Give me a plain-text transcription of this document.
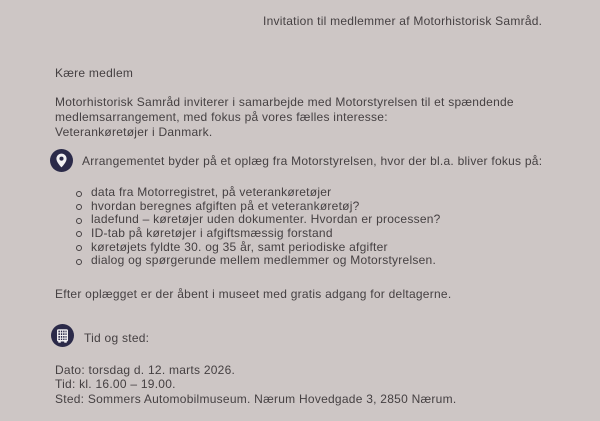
Invitation til medlemmer af Motorhistorisk Samråd.
Kære medlem
Motorhistorisk Samråd inviterer i samarbejde med Motorstyrelsen til et spændende
medlemsarrangement, med fokus på vores fælles interesse:
Veterankøretøjer i Danmark.
Arrangementet byder på et oplæg fra Motorstyrelsen, hvor der bl.a. bliver fokus på:
data fra Motorregistret, på veterankøretøjer
hvordan beregnes afgiften på et veterankøretøj?
ladefund – køretøjer uden dokumenter. Hvordan er processen?
ID-tab på køretøjer i afgiftsmæssig forstand
køretøjets fyldte 30. og 35 år, samt periodiske afgifter
dialog og spørgerunde mellem medlemmer og Motorstyrelsen.
Efter oplægget er der åbent i museet med gratis adgang for deltagerne.
Tid og sted:
Dato: torsdag d. 12. marts 2026.
Tid: kl. 16.00 – 19.00.
Sted: Sommers Automobilmuseum. Nærum Hovedgade 3, 2850 Nærum.
